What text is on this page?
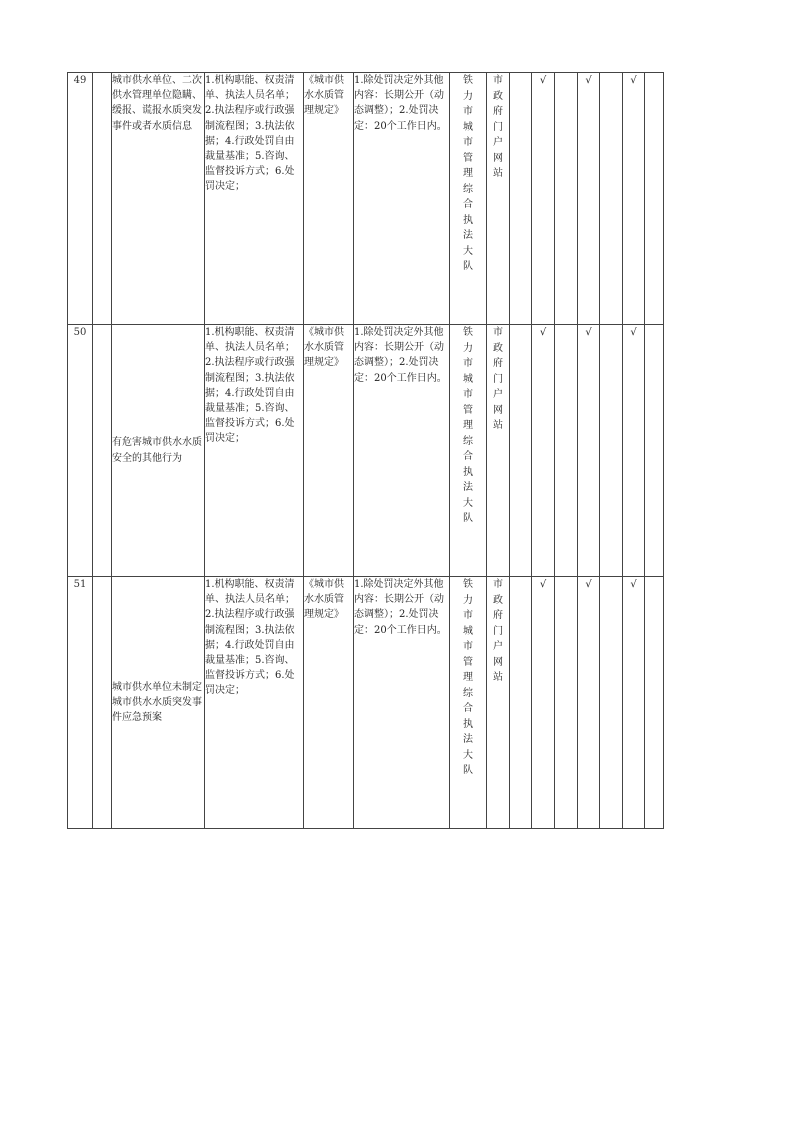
49		城市供水单位、二次供水管理单位隐瞒、缓报、谎报水质突发事件或者水质信息	1.机构职能、权责清单、执法人员名单；2.执法程序或行政强制流程图；3.执法依据；4.行政处罚自由裁量基准；5.咨询、监督投诉方式；6.处罚决定；	《城市供水水质管理规定》	1.除处罚决定外其他内容：长期公开（动态调整）；2.处罚决定：20个工作日内。	铁力市城市管理综合执法大队	市政府门户网站		√		√		√	
50		有危害城市供水水质安全的其他行为	1.机构职能、权责清单、执法人员名单；2.执法程序或行政强制流程图；3.执法依据；4.行政处罚自由裁量基准；5.咨询、监督投诉方式；6.处罚决定；	《城市供水水质管理规定》	1.除处罚决定外其他内容：长期公开（动态调整）；2.处罚决定：20个工作日内。	铁力市城市管理综合执法大队	市政府门户网站		√		√		√	
51		城市供水单位未制定城市供水水质突发事件应急预案	1.机构职能、权责清单、执法人员名单；2.执法程序或行政强制流程图；3.执法依据；4.行政处罚自由裁量基准；5.咨询、监督投诉方式；6.处罚决定；	《城市供水水质管理规定》	1.除处罚决定外其他内容：长期公开（动态调整）；2.处罚决定：20个工作日内。	铁力市城市管理综合执法大队	市政府门户网站		√		√		√	
